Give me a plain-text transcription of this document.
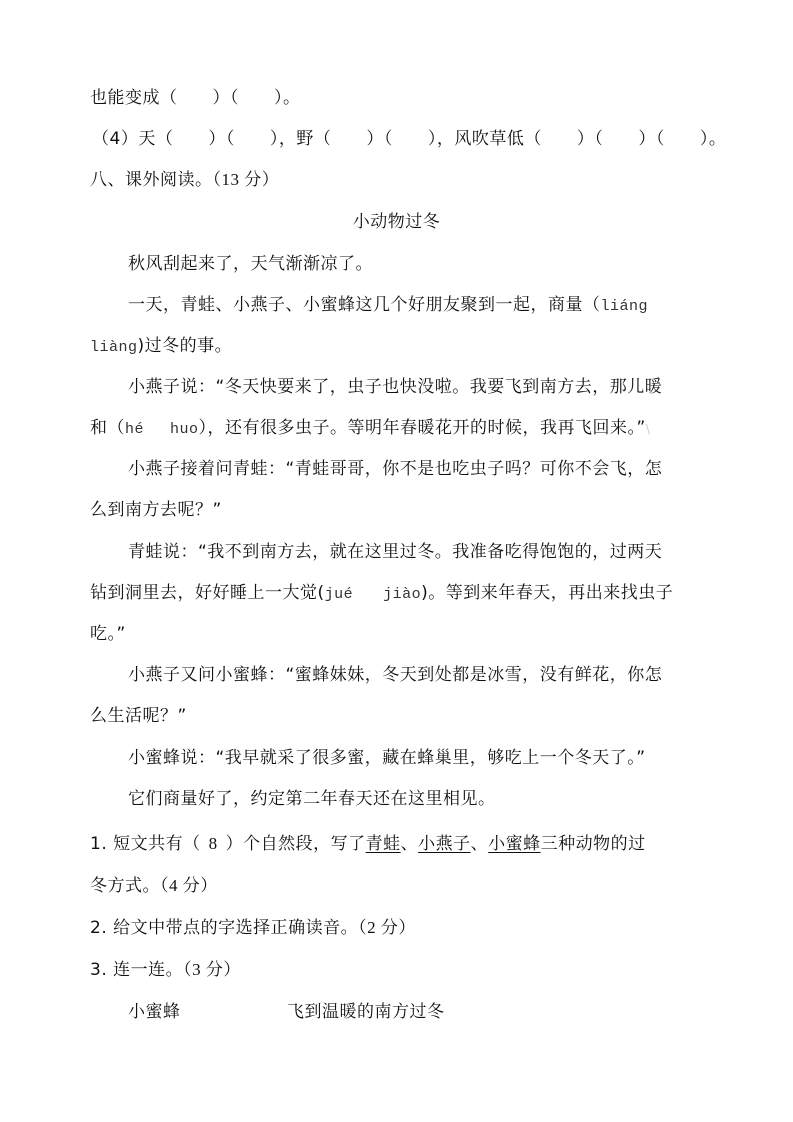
也能变成（　　）（　　）。
（4）天（　　）（　　），野（　　）（　　），风吹草低（　　）（　　）（　　）。
八、课外阅读。（13 分）
小动物过冬
秋风刮起来了，天气渐渐凉了。
一天，青蛙、小燕子、小蜜蜂这几个好朋友聚到一起，商量（liáng
liàng)过冬的事。
小燕子说：“冬天快要来了，虫子也快没啦。我要飞到南方去，那儿暖
和（hé huo），还有很多虫子。等明年春暖花开的时候，我再飞回来。”\
小燕子接着问青蛙：“青蛙哥哥，你不是也吃虫子吗？可你不会飞，怎
么到南方去呢？”
青蛙说：“我不到南方去，就在这里过冬。我准备吃得饱饱的，过两天
钻到洞里去，好好睡上一大觉(jué jiào)。等到来年春天，再出来找虫子
吃。”
小燕子又问小蜜蜂：“蜜蜂妹妹，冬天到处都是冰雪，没有鲜花，你怎
么生活呢？”
小蜜蜂说：“我早就采了很多蜜，藏在蜂巢里，够吃上一个冬天了。”
它们商量好了，约定第二年春天还在这里相见。
1. 短文共有（ 8 ）个自然段，写了青蛙、小燕子、小蜜蜂三种动物的过
冬方式。（4 分）
2. 给文中带点的字选择正确读音。（2 分）
3. 连一连。（3 分）
小蜜蜂	飞到温暖的南方过冬
